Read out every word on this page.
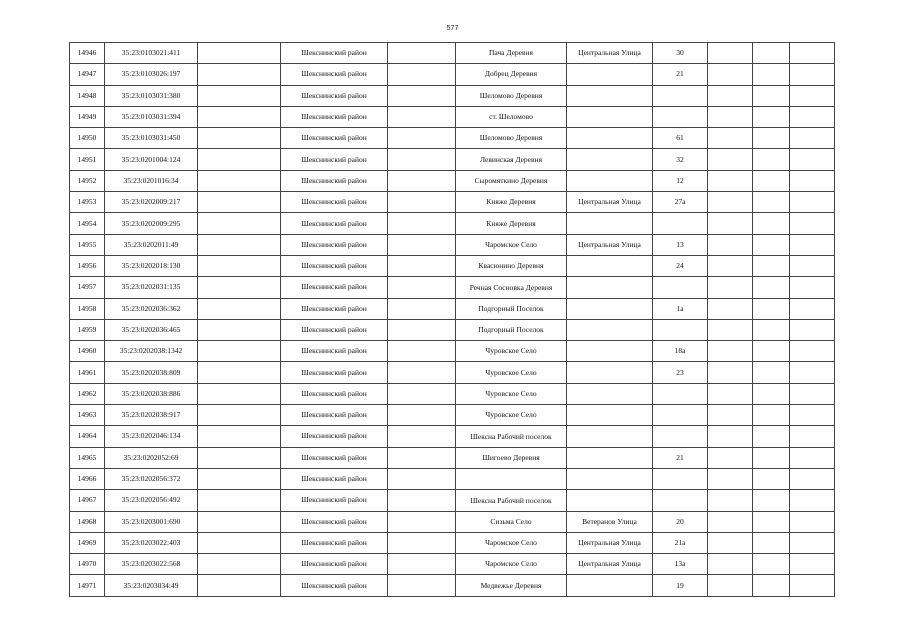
577
14946	35:23:0103021:411		Шекснинский район		Пача Деревня	Центральная Улица	30			
14947	35:23:0103026:197		Шекснинский район		Добрец Деревня		21			
14948	35:23:0103031:380		Шекснинский район		Шеломово Деревня					
14949	35:23:0103031:394		Шекснинский район		ст. Шеломово					
14950	35:23:0103031:450		Шекснинский район		Шеломово Деревня		61			
14951	35:23:0201004:124		Шекснинский район		Левинская Деревня		32			
14952	35:23:0201016:34		Шекснинский район		Сыромяткино Деревня		12			
14953	35:23:0202009:217		Шекснинский район		Княже Деревня	Центральная Улица	27а			
14954	35:23:0202009:295		Шекснинский район		Княже Деревня					
14955	35:23:0202011:49		Шекснинский район		Чаромское Село	Центральная Улица	13			
14956	35:23:0202018:130		Шекснинский район		Квасюнино Деревня		24			
14957	35:23:0202031:135		Шекснинский район		Речная Сосновка Деревня					
14958	35:23:0202036:362		Шекснинский район		Подгорный Поселок		1а			
14959	35:23:0202036:465		Шекснинский район		Подгорный Поселок					
14960	35:23:0202038:1342		Шекснинский район		Чуровское Село		18а			
14961	35:23:0202038:809		Шекснинский район		Чуровское Село		23			
14962	35:23:0202038:886		Шекснинский район		Чуровское Село					
14963	35:23:0202038:917		Шекснинский район		Чуровское Село					
14964	35:23:0202046:134		Шекснинский район		Шексна Рабочий поселок					
14965	35:23:0202052:69		Шекснинский район		Шигоево Деревня		21			
14966	35:23:0202056:372		Шекснинский район							
14967	35:23:0202056:492		Шекснинский район		Шексна Рабочий поселок					
14968	35:23:0203001:690		Шекснинский район		Сизьма Село	Ветеранов Улица	20			
14969	35:23:0203022:403		Шекснинский район		Чаромское Село	Центральная Улица	21а			
14970	35:23:0203022:568		Шекснинский район		Чаромское Село	Центральная Улица	13а			
14971	35:23:0203034:49		Шекснинский район		Медвежье Деревня		19			
